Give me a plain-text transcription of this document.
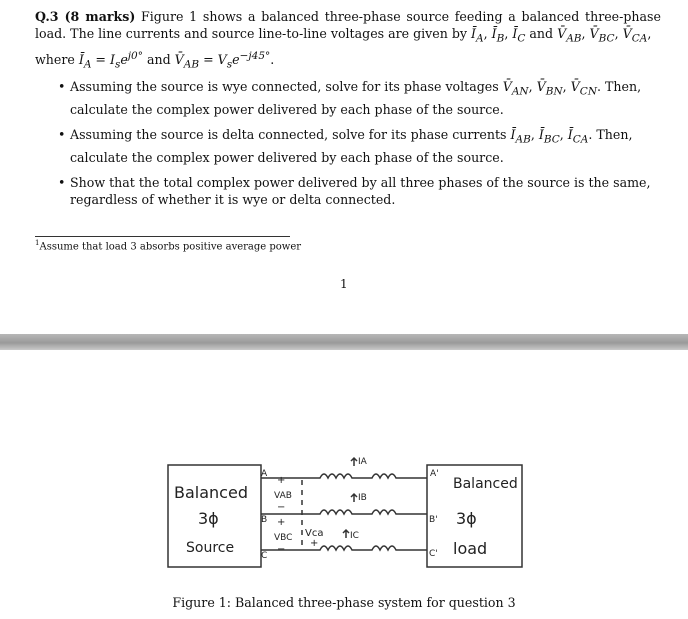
Q.3 (8 marks) Figure 1 shows a balanced three-phase source feeding a balanced three-phase load. The line currents and source line-to-line voltages are given by $Ī_A$, $Ī_B$, $Ī_C$ and $V̄_{AB}$, $V̄_{BC}$, $V̄_{CA}$,
where $Ī_A = I_se^{j0^\circ}$ and $V̄_{AB} = V_se^{-j45^\circ}$.
• Assuming the source is wye connected, solve for its phase voltages $V̄_{AN}$, $V̄_{BN}$, $V̄_{CN}$. Then,
calculate the complex power delivered by each phase of the source.
• Assuming the source is delta connected, solve for its phase currents $Ī_{AB}$, $Ī_{BC}$, $Ī_{CA}$. Then,
calculate the complex power delivered by each phase of the source.
• Show that the total complex power delivered by all three phases of the source is the same,
regardless of whether it is wye or delta connected.
$^1$Assume that load 3 absorbs positive average power
1
Balanced
3ϕ
Source
Balanced
3ϕ
load
A
B
C
A'
B'
C'
IA
IB
IC
+
VAB
−
+
VBC
−
Vca
+
Figure 1: Balanced three-phase system for question 3
